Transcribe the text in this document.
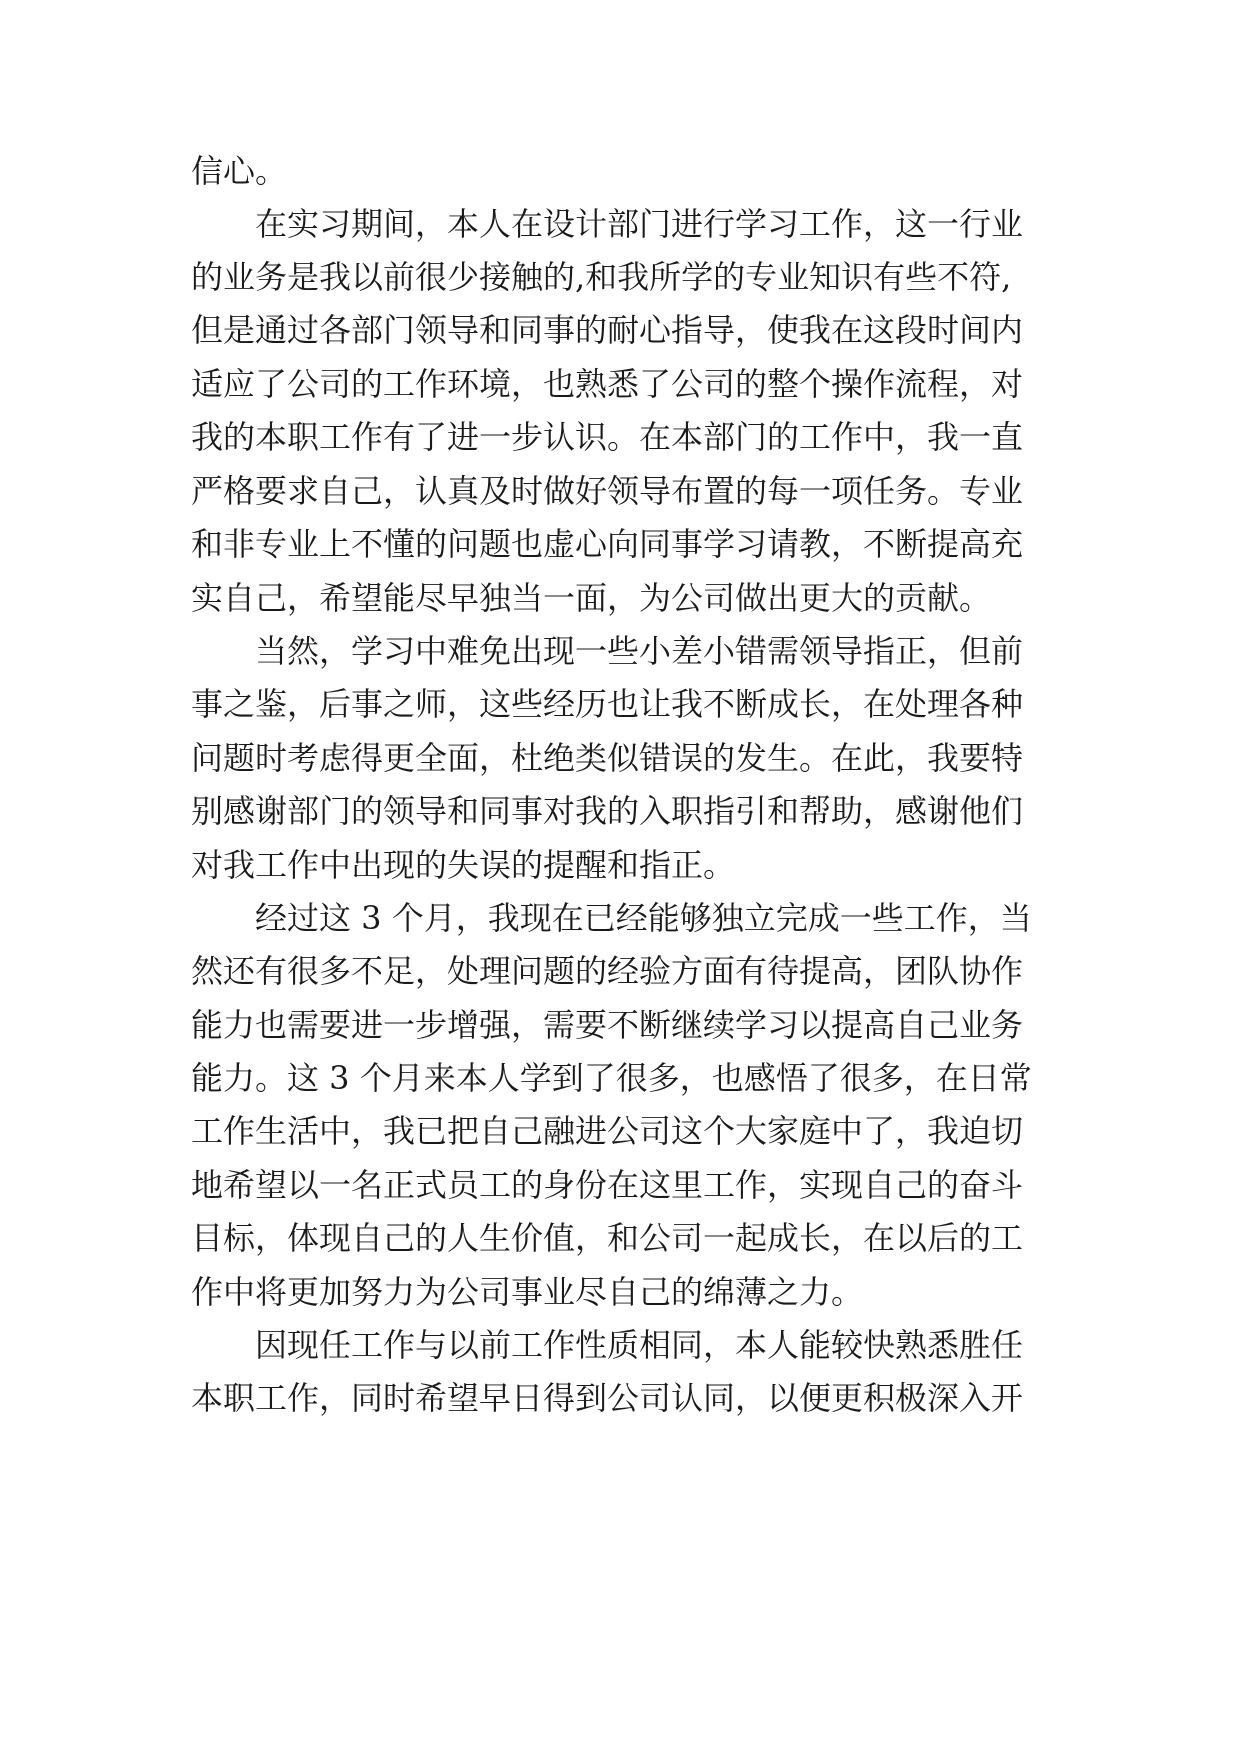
信心。

在实习期间，本人在设计部门进行学习工作，这一行业

的业务是我以前很少接触的,和我所学的专业知识有些不符,

但是通过各部门领导和同事的耐心指导，使我在这段时间内

适应了公司的工作环境，也熟悉了公司的整个操作流程，对

我的本职工作有了进一步认识。在本部门的工作中，我一直

严格要求自己，认真及时做好领导布置的每一项任务。专业

和非专业上不懂的问题也虚心向同事学习请教，不断提高充

实自己，希望能尽早独当一面，为公司做出更大的贡献。

当然，学习中难免出现一些小差小错需领导指正，但前

事之鉴，后事之师，这些经历也让我不断成长，在处理各种

问题时考虑得更全面，杜绝类似错误的发生。在此，我要特

别感谢部门的领导和同事对我的入职指引和帮助，感谢他们

对我工作中出现的失误的提醒和指正。

经过这 3 个月，我现在已经能够独立完成一些工作，当

然还有很多不足，处理问题的经验方面有待提高，团队协作

能力也需要进一步增强，需要不断继续学习以提高自己业务

能力。这 3 个月来本人学到了很多，也感悟了很多，在日常

工作生活中，我已把自己融进公司这个大家庭中了，我迫切

地希望以一名正式员工的身份在这里工作，实现自己的奋斗

目标，体现自己的人生价值，和公司一起成长，在以后的工

作中将更加努力为公司事业尽自己的绵薄之力。

因现任工作与以前工作性质相同，本人能较快熟悉胜任

本职工作，同时希望早日得到公司认同，以便更积极深入开
